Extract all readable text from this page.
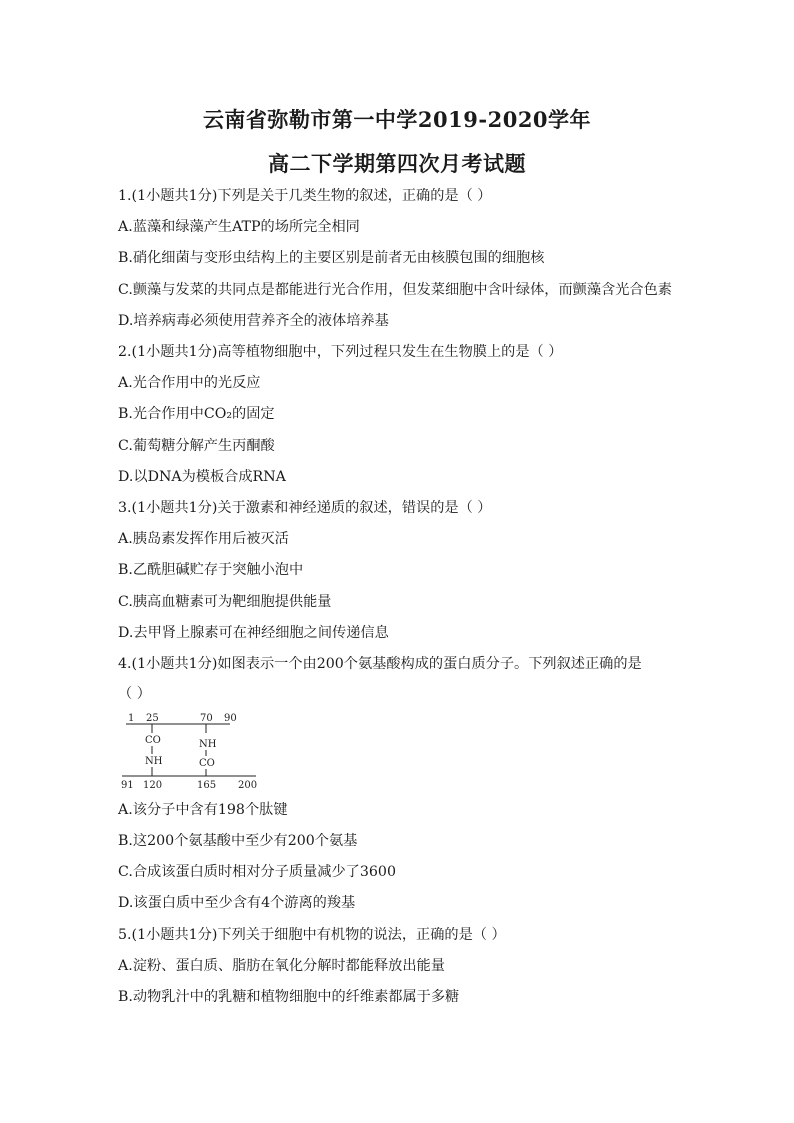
云南省弥勒市第一中学2019-2020学年
高二下学期第四次月考试题
1.(1小题共1分)下列是关于几类生物的叙述，正确的是（ ）
A.蓝藻和绿藻产生ATP的场所完全相同
B.硝化细菌与变形虫结构上的主要区别是前者无由核膜包围的细胞核
C.颤藻与发菜的共同点是都能进行光合作用，但发菜细胞中含叶绿体，而颤藻含光合色素
D.培养病毒必须使用营养齐全的液体培养基
2.(1小题共1分)高等植物细胞中，下列过程只发生在生物膜上的是（ ）
A.光合作用中的光反应
B.光合作用中CO₂的固定
C.葡萄糖分解产生丙酮酸
D.以DNA为模板合成RNA
3.(1小题共1分)关于激素和神经递质的叙述，错误的是（ ）
A.胰岛素发挥作用后被灭活
B.乙酰胆碱贮存于突触小泡中
C.胰高血糖素可为靶细胞提供能量
D.去甲肾上腺素可在神经细胞之间传递信息
4.(1小题共1分)如图表示一个由200个氨基酸构成的蛋白质分子。下列叙述正确的是
（ ）
1 25	70 90
CO
NH
NH
CO
91 120	165 200
A.该分子中含有198个肽键
B.这200个氨基酸中至少有200个氨基
C.合成该蛋白质时相对分子质量减少了3600
D.该蛋白质中至少含有4个游离的羧基
5.(1小题共1分)下列关于细胞中有机物的说法，正确的是（ ）
A.淀粉、蛋白质、脂肪在氧化分解时都能释放出能量
B.动物乳汁中的乳糖和植物细胞中的纤维素都属于多糖
